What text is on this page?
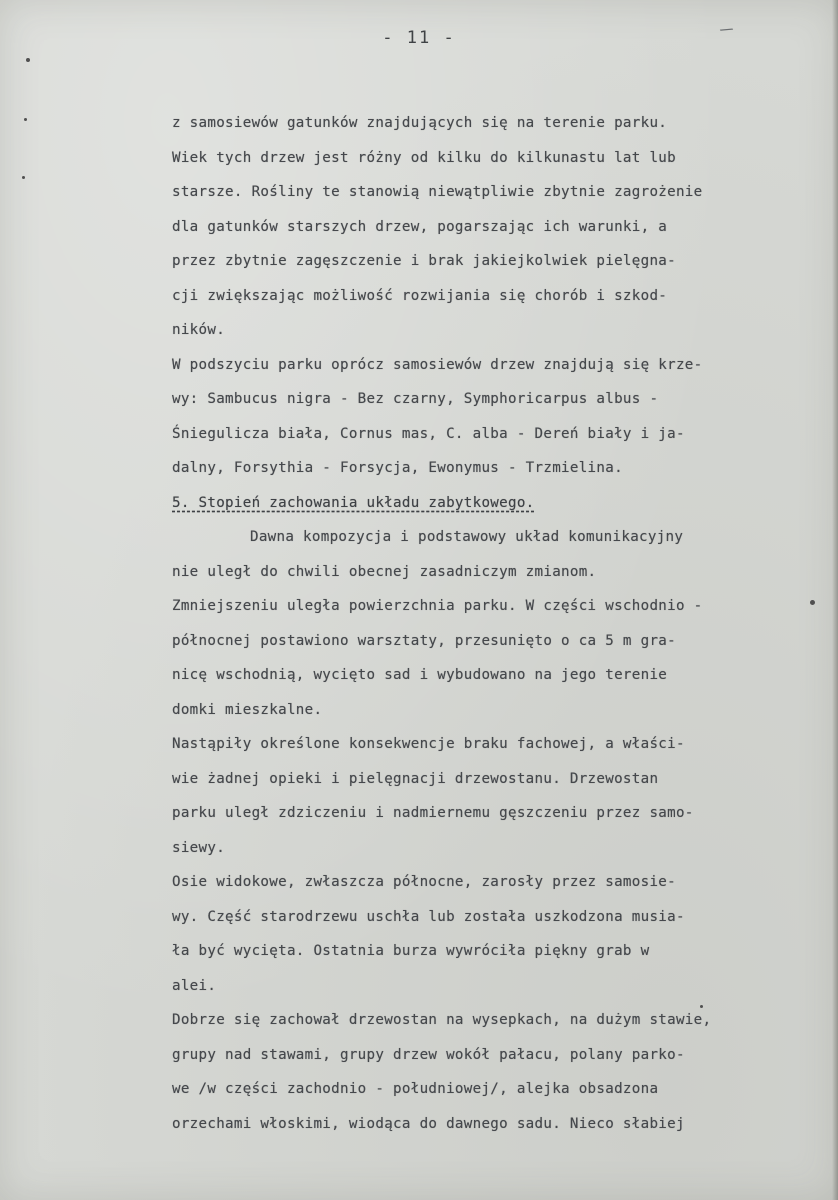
- 11 -	/
z samosiewów gatunków znajdujących się na terenie parku.
Wiek tych drzew jest różny od kilku do kilkunastu lat lub
starsze. Rośliny te stanowią niewątpliwie zbytnie zagrożenie
dla gatunków starszych drzew, pogarszając ich warunki, a
przez zbytnie zagęszczenie i brak jakiejkolwiek pielęgna-
cji zwiększając możliwość rozwijania się chorób i szkod-
ników.
W podszyciu parku oprócz samosiewów drzew znajdują się krze-
wy: Sambucus nigra - Bez czarny, Symphoricarpus albus -
Śniegulicza biała, Cornus mas, C. alba - Dereń biały i ja-
dalny, Forsythia - Forsycja, Ewonymus - Trzmielina.
5. Stopień zachowania układu zabytkowego.
Dawna kompozycja i podstawowy układ komunikacyjny
nie uległ do chwili obecnej zasadniczym zmianom.
Zmniejszeniu uległa powierzchnia parku. W części wschodnio -
północnej postawiono warsztaty, przesunięto o ca 5 m gra-
nicę wschodnią, wycięto sad i wybudowano na jego terenie
domki mieszkalne.
Nastąpiły określone konsekwencje braku fachowej, a właści-
wie żadnej opieki i pielęgnacji drzewostanu. Drzewostan
parku uległ zdziczeniu i nadmiernemu gęszczeniu przez samo-
siewy.
Osie widokowe, zwłaszcza północne, zarosły przez samosie-
wy. Część starodrzewu uschła lub została uszkodzona musia-
ła być wycięta. Ostatnia burza wywróciła piękny grab w
alei.
Dobrze się zachował drzewostan na wysepkach, na dużym stawie,
grupy nad stawami, grupy drzew wokół pałacu, polany parko-
we /w części zachodnio - południowej/, alejka obsadzona
orzechami włoskimi, wiodąca do dawnego sadu. Nieco słabiej
